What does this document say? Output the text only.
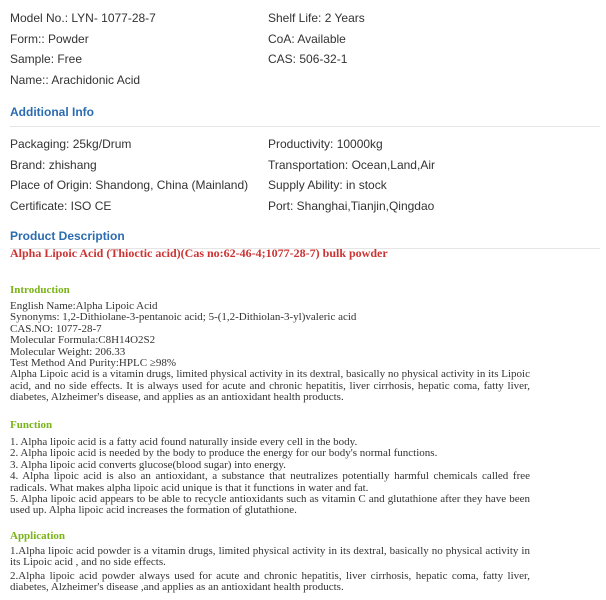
Model No.: LYN- 1077-28-7	Shelf Life: 2 Years
Form:: Powder	CoA: Available
Sample: Free	CAS: 506-32-1
Name:: Arachidonic Acid
Additional Info
Packaging: 25kg/Drum	Productivity: 10000kg
Brand: zhishang	Transportation: Ocean,Land,Air
Place of Origin: Shandong, China (Mainland) Supply Ability: in stock
Certificate: ISO CE	Port: Shanghai,Tianjin,Qingdao
Product Description
Alpha Lipoic Acid (Thioctic acid)(Cas no:62-46-4;1077-28-7) bulk powder
Introduction
English Name:Alpha Lipoic Acid
Synonyms: 1,2-Dithiolane-3-pentanoic acid; 5-(1,2-Dithiolan-3-yl)valeric acid
CAS.NO: 1077-28-7
Molecular Formula:C8H14O2S2
Molecular Weight: 206.33
Test Method And Purity:HPLC ≥98%
Alpha Lipoic acid is a vitamin drugs, limited physical activity in its dextral, basically no physical activity in its Lipoic acid, and no side effects. It is always used for acute and chronic hepatitis, liver cirrhosis, hepatic coma, fatty liver, diabetes, Alzheimer's disease, and applies as an antioxidant health products.
Function
1. Alpha lipoic acid is a fatty acid found naturally inside every cell in the body.
2. Alpha lipoic acid is needed by the body to produce the energy for our body's normal functions.
3. Alpha lipoic acid converts glucose(blood sugar) into energy.
4. Alpha lipoic acid is also an antioxidant, a substance that neutralizes potentially harmful chemicals called free radicals. What makes alpha lipoic acid unique is that it functions in water and fat.
5. Alpha lipoic acid appears to be able to recycle antioxidants such as vitamin C and glutathione after they have been used up. Alpha lipoic acid increases the formation of glutathione.
Application
1.Alpha lipoic acid powder is a vitamin drugs, limited physical activity in its dextral, basically no physical activity in its Lipoic acid , and no side effects.
2.Alpha lipoic acid powder always used for acute and chronic hepatitis, liver cirrhosis, hepatic coma, fatty liver, diabetes, Alzheimer's disease ,and applies as an antioxidant health products.
